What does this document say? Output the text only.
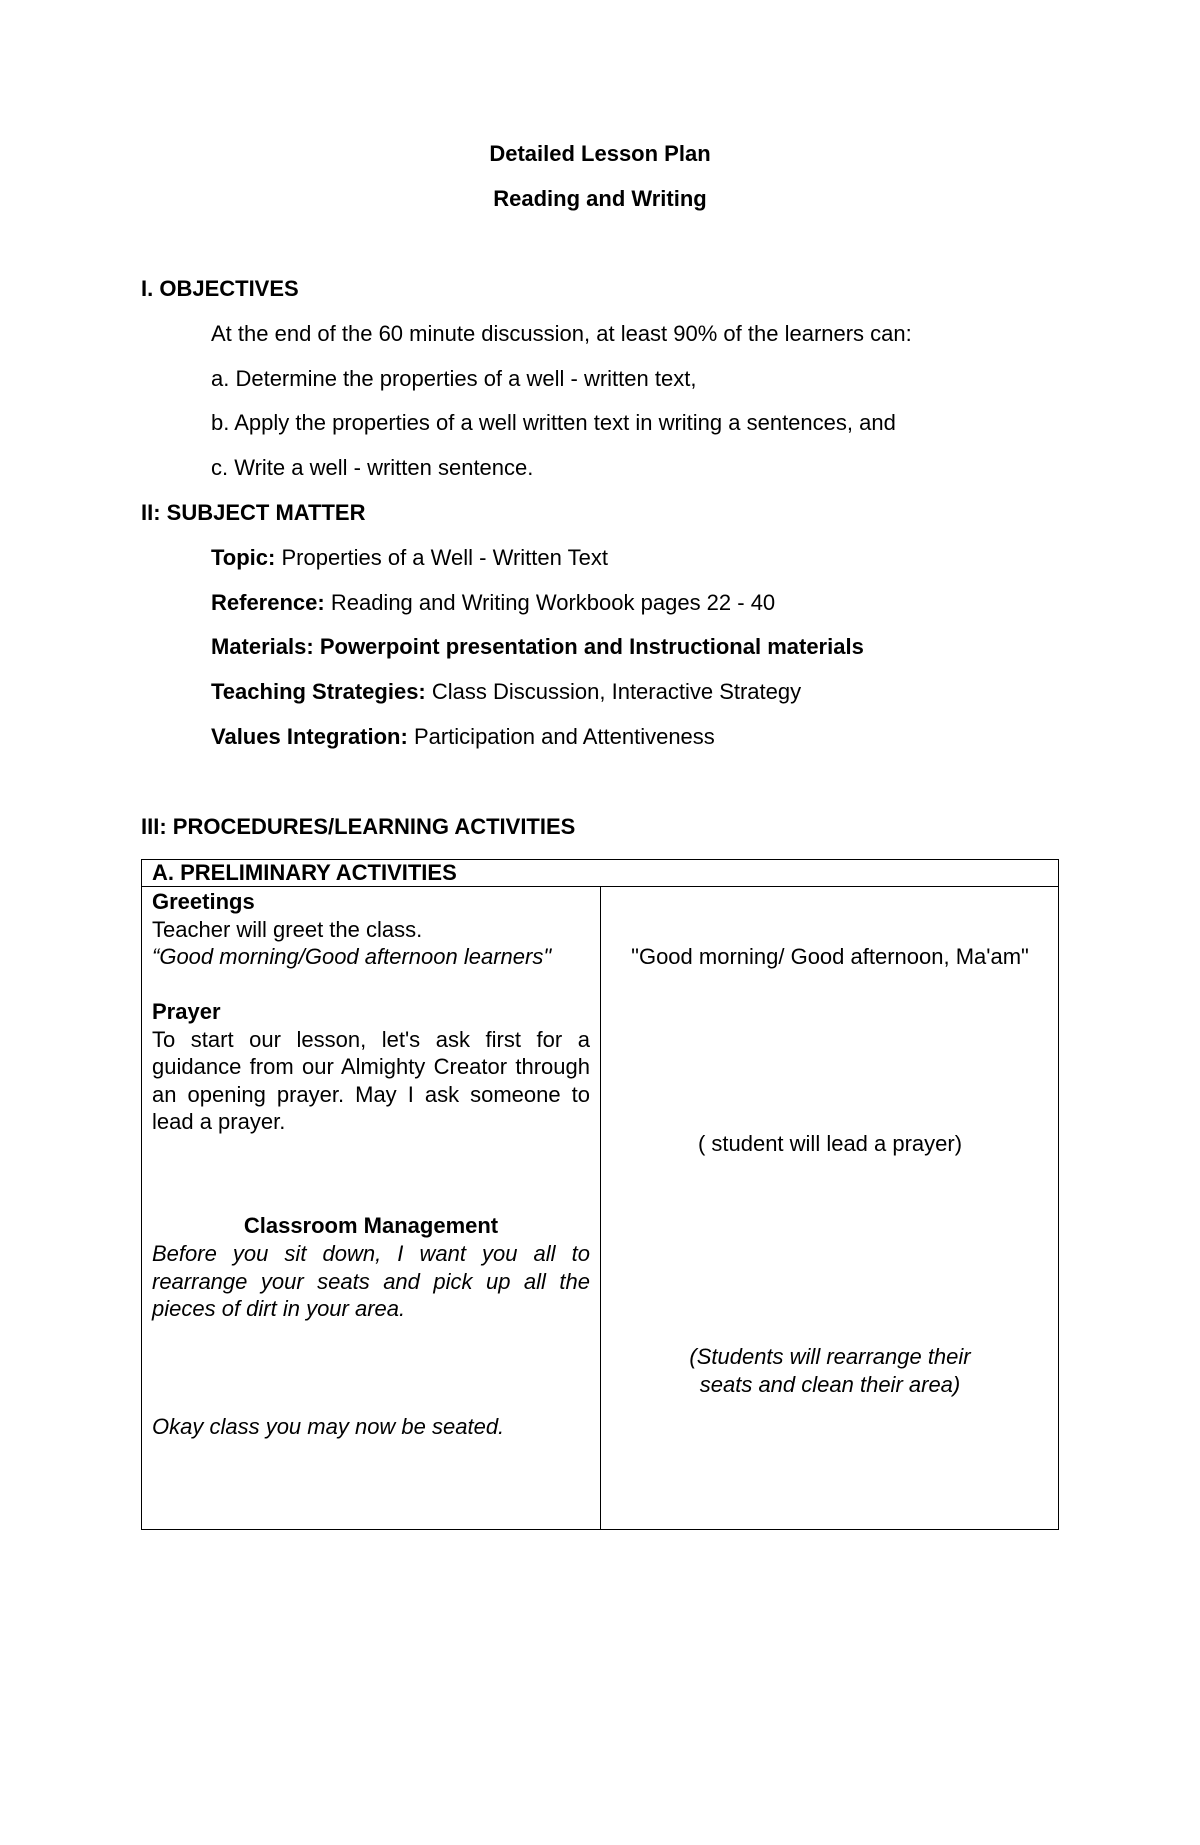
Detailed Lesson Plan
Reading and Writing
I. OBJECTIVES
At the end of the 60 minute discussion, at least 90% of the learners can:
a. Determine the properties of a well - written text,
b. Apply the properties of a well written text in writing a sentences, and
c. Write a well - written sentence.
II: SUBJECT MATTER
Topic: Properties of a Well - Written Text
Reference: Reading and Writing Workbook pages 22 - 40
Materials: Powerpoint presentation and Instructional materials
Teaching Strategies: Class Discussion, Interactive Strategy
Values Integration: Participation and Attentiveness
III: PROCEDURES/LEARNING ACTIVITIES
A. PRELIMINARY ACTIVITIES
Greetings
Teacher will greet the class.
“Good morning/Good afternoon learners"	"Good morning/ Good afternoon, Ma'am"
Prayer
To start our lesson, let's ask first for a guidance from our Almighty Creator through an opening prayer. May I ask someone to lead a prayer.
( student will lead a prayer)
Classroom Management
Before you sit down, I want you all to rearrange your seats and pick up all the pieces of dirt in your area.
(Students will rearrange their seats and clean their area)
Okay class you may now be seated.
